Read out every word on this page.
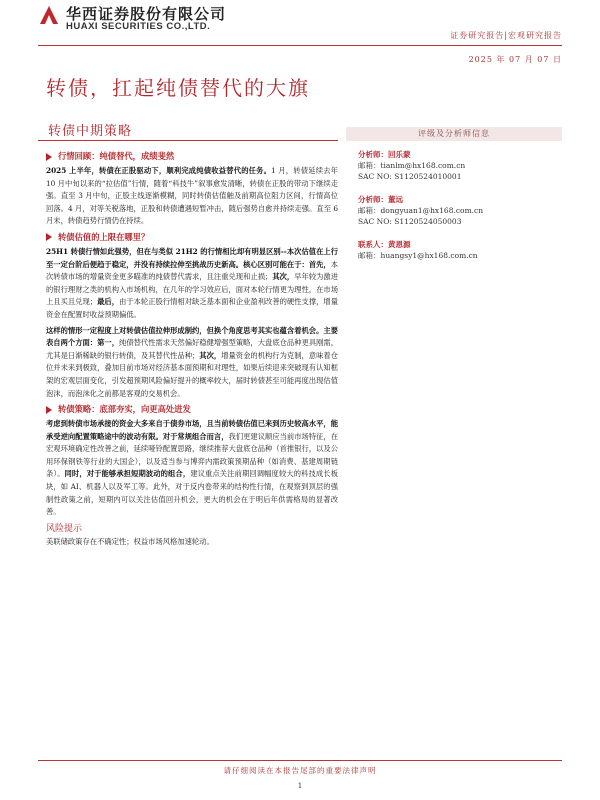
华西证券股份有限公司
HUAXI SECURITIES CO.,LTD.
证券研究报告|宏观研究报告
2025 年 07 月 07 日
转债，扛起纯债替代的大旗
转债中期策略
行情回顾：纯债替代，成绩斐然
2025 上半年，转债在正股驱动下，顺利完成纯债收益替代的任务。1 月，转债延续去年 10 月中旬以来的“拉估值”行情，随着“科技牛”叙事愈发清晰，转债在正股的带动下继续走强。直至 3 月中旬，正股主线逐渐模糊，同时转债估值触及前期高位阻力区间，行情高位回落。4 月，对等关税落地，正股和转债遭遇短暂冲击，随后强势自愈并持续走强。直至 6 月末，转债趋势行情仍在持续。
转债估值的上限在哪里？
25H1 转债行情如此强势，但在与类似 21H2 的行情相比却有明显区别--本次估值在上行至一定台阶后便趋于稳定，并没有持续拉伸至挑战历史新高。核心区别可能在于：首先，本次转债市场的增量资金更多瞄准的纯债替代需求，且注重兑现和止损；其次，早年较为激进的银行理财之类的机构入市场机构，在几年的学习效应后，面对本轮行情更为理性，在市场上且买且兑现；最后，由于本轮正股行情相对缺乏基本面和企业盈利改善的硬性支撑，增量资金在配置时收益预期偏低。
这样的情形一定程度上对转债估值拉伸形成制约，但换个角度思考其实也蕴含着机会。主要表自两个方面：第一，纯债替代性需求天然偏好稳健增强型策略，大盘底仓品种更具刚需，尤其是日渐稀缺的银行转债，及其替代性品种；其次，增量资金的机构行为克制，意味着仓位并未来到极致，叠加目前市场对经济基本面预期和对理性，如果后续迎来突破现有认知框架的宏观层面变化，引发超预期风险偏好提升的概率较大，届时转债甚至可能再度出现估值泡沫，而泡沫化之前都是客观的交易机会。
转债策略：底部夯实，向更高处进发
考虑到转债市场承接的资金大多来自于债券市场，且当前转债估值已来到历史较高水平，能承受逆向配置策略途中的波动有限。对于常规组合而言，我们更建议顺应当前市场特征，在宏观环境确定性改善之前，延续哑铃配置思路，继续推荐大盘底仓品种（首推银行，以及公用环保钢铁等行业的大国企），以及适当参与博弈内需政策预期品种（如消费、基建周期链条）。同时，对于能够承担短期波动的组合，建议重点关注前期回调幅度较大的科技成长板块，如 AI、机器人以及军工等。此外，对于反内卷带来的结构性行情，在观察到顶层的强制性政策之前，短期内可以关注估值回升机会，更大的机会在于明后年供需格局的显著改善。
风险提示
美联储政策存在不确定性；权益市场风格加速轮动。
评级及分析师信息
分析师：回乐蒙
邮箱：tianlm@hx168.com.cn
SAC NO: S1120524010001
分析师：董远
邮箱：dongyuan1@hx168.com.cn
SAC NO: S1120524050003
联系人：黄恩源
邮箱：huangsy1@hx168.com.cn
请仔细阅读在本报告尾部的重要法律声明
1
